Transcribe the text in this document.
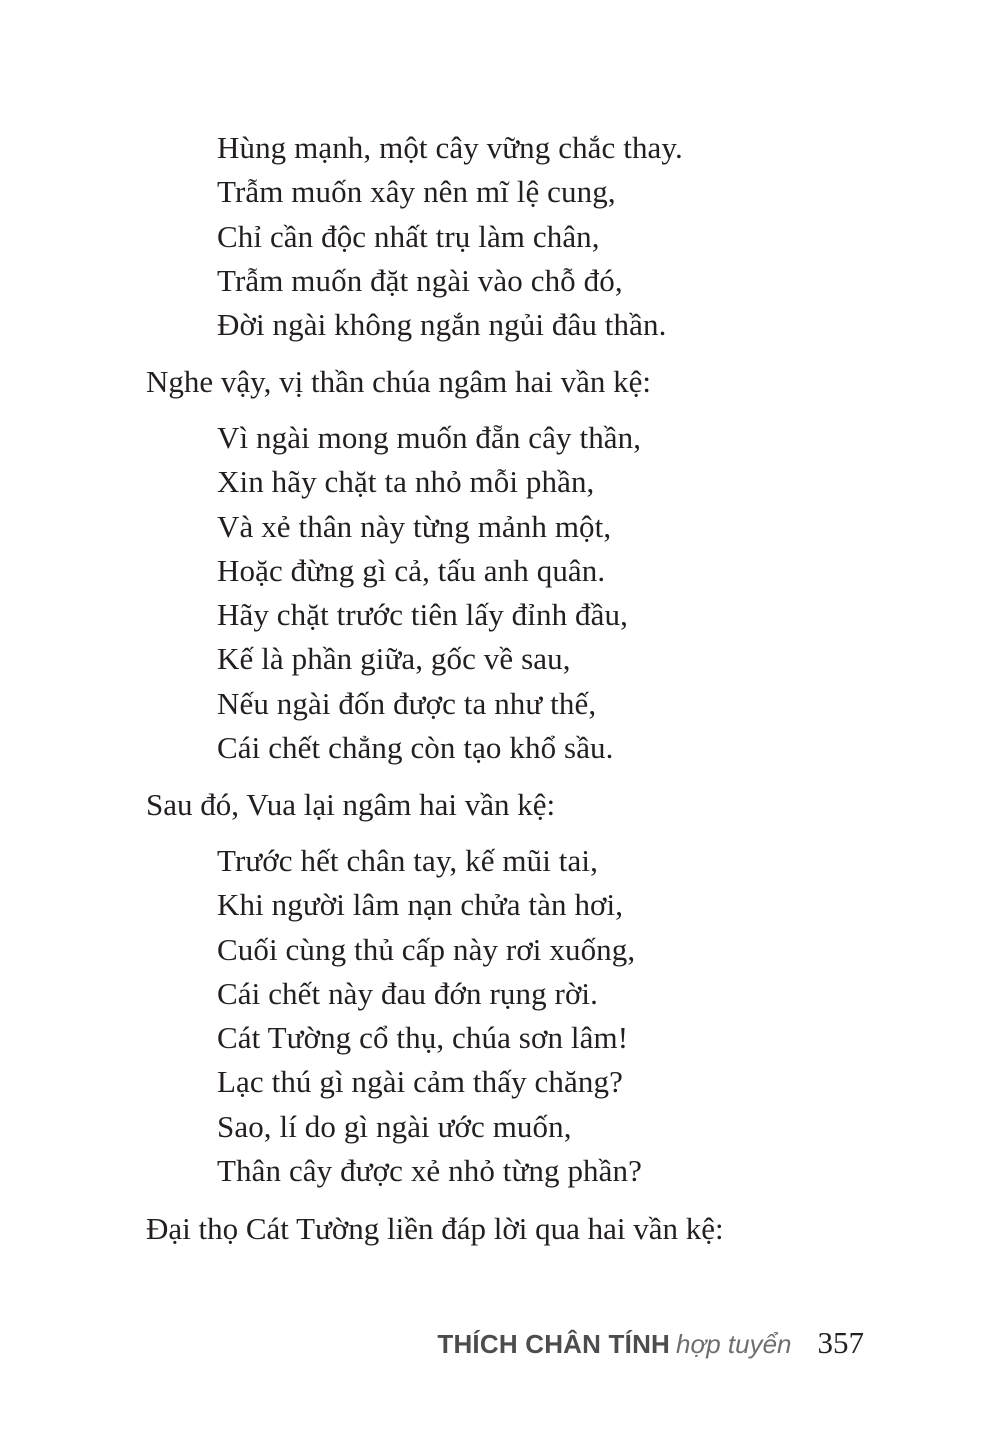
Hùng mạnh, một cây vững chắc thay.

Trẫm muốn xây nên mĩ lệ cung,

Chỉ cần độc nhất trụ làm chân,

Trẫm muốn đặt ngài vào chỗ đó,

Đời ngài không ngắn ngủi đâu thần.

Nghe vậy, vị thần chúa ngâm hai vần kệ:

Vì ngài mong muốn đẵn cây thần,

Xin hãy chặt ta nhỏ mỗi phần,

Và xẻ thân này từng mảnh một,

Hoặc đừng gì cả, tấu anh quân.

Hãy chặt trước tiên lấy đỉnh đầu,

Kế là phần giữa, gốc về sau,

Nếu ngài đốn được ta như thế,

Cái chết chẳng còn tạo khổ sầu.

Sau đó, Vua lại ngâm hai vần kệ:

Trước hết chân tay, kế mũi tai,

Khi người lâm nạn chửa tàn hơi,

Cuối cùng thủ cấp này rơi xuống,

Cái chết này đau đớn rụng rời.

Cát Tường cổ thụ, chúa sơn lâm!

Lạc thú gì ngài cảm thấy chăng?

Sao, lí do gì ngài ước muốn,

Thân cây được xẻ nhỏ từng phần?

Đại thọ Cát Tường liền đáp lời qua hai vần kệ:

THÍCH CHÂN TÍNH hợp tuyển 357
